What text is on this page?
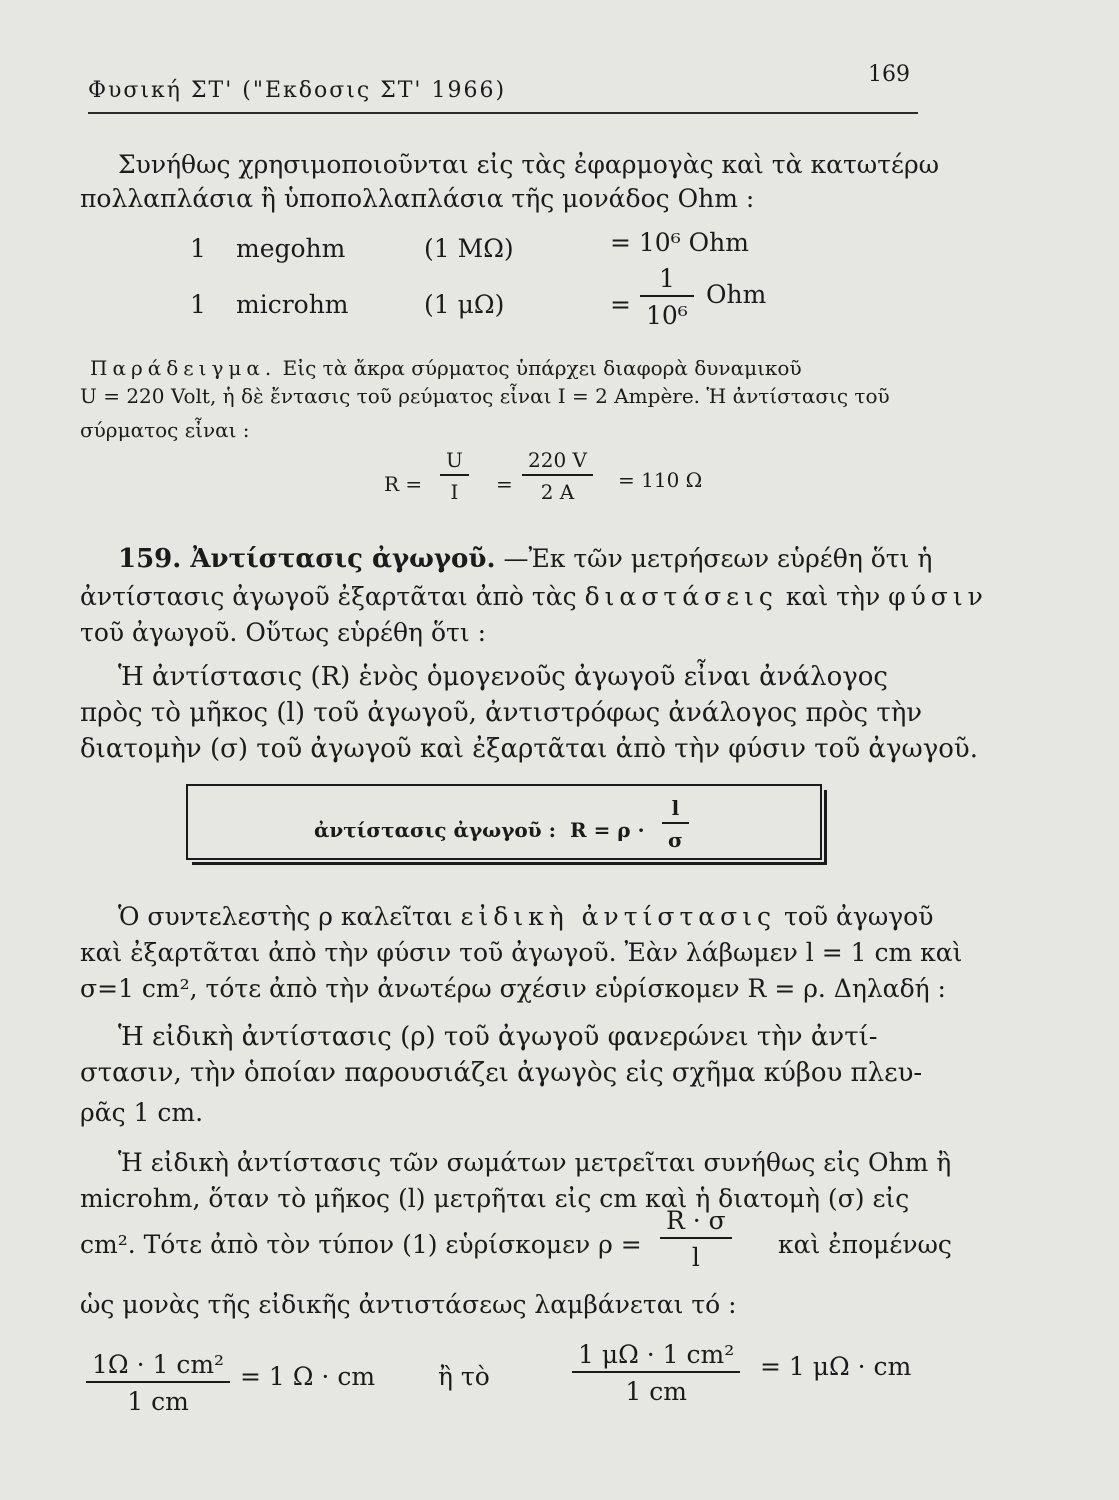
Φυσική ΣΤ' ("Εκδοσις ΣΤ' 1966)
169
Συνήθως χρησιμοποιοῦνται εἰς τὰς ἐφαρμογὰς καὶ τὰ κατωτέρω
πολλαπλάσια ἢ ὑποπολλαπλάσια τῆς μονάδος Ohm :
1 megohm	(1 MΩ)	= 10⁶ Ohm
1 microhm	(1 μΩ)	=
1
10⁶
Ohm
Παράδειγμα. Εἰς τὰ ἄκρα σύρματος ὑπάρχει διαφορὰ δυναμικοῦ
U = 220 Volt, ἡ δὲ ἔντασις τοῦ ρεύματος εἶναι I = 2 Ampère. Ἡ ἀντίστασις τοῦ
σύρματος εἶναι :
R =
U
I	=
220 V
2 A	= 110 Ω
159. Ἀντίστασις ἀγωγοῦ. —Ἐκ τῶν μετρήσεων εὑρέθη ὅτι ἡ
ἀντίστασις ἀγωγοῦ ἐξαρτᾶται ἀπὸ τὰς διαστάσεις καὶ τὴν φύσιν
τοῦ ἀγωγοῦ. Οὕτως εὑρέθη ὅτι :
Ἡ ἀντίστασις (R) ἑνὸς ὁμογενοῦς ἀγωγοῦ εἶναι ἀνάλογος
πρὸς τὸ μῆκος (l) τοῦ ἀγωγοῦ, ἀντιστρόφως ἀνάλογος πρὸς τὴν
διατομὴν (σ) τοῦ ἀγωγοῦ καὶ ἐξαρτᾶται ἀπὸ τὴν φύσιν τοῦ ἀγωγοῦ.
ἀντίστασις ἀγωγοῦ : R = ρ ·
l
σ
Ὁ συντελεστὴς ρ καλεῖται εἰδικὴ ἀντίστασις τοῦ ἀγωγοῦ
καὶ ἐξαρτᾶται ἀπὸ τὴν φύσιν τοῦ ἀγωγοῦ. Ἐὰν λάβωμεν l = 1 cm καὶ
σ=1 cm², τότε ἀπὸ τὴν ἀνωτέρω σχέσιν εὑρίσκομεν R = ρ. Δηλαδή :
Ἡ εἰδικὴ ἀντίστασις (ρ) τοῦ ἀγωγοῦ φανερώνει τὴν ἀντί-
στασιν, τὴν ὁποίαν παρουσιάζει ἀγωγὸς εἰς σχῆμα κύβου πλευ-
ρᾶς 1 cm.
Ἡ εἰδικὴ ἀντίστασις τῶν σωμάτων μετρεῖται συνήθως εἰς Ohm ἢ
microhm, ὅταν τὸ μῆκος (l) μετρῆται εἰς cm καὶ ἡ διατομὴ (σ) εἰς
cm². Τότε ἀπὸ τὸν τύπον (1) εὑρίσκομεν ρ =
R · σ
l	καὶ ἐπομένως
ὡς μονὰς τῆς εἰδικῆς ἀντιστάσεως λαμβάνεται τό :
1Ω · 1 cm²
1 cm
= 1 Ω · cm	ἢ τὸ
1 μΩ · 1 cm²
1 cm
= 1 μΩ · cm
